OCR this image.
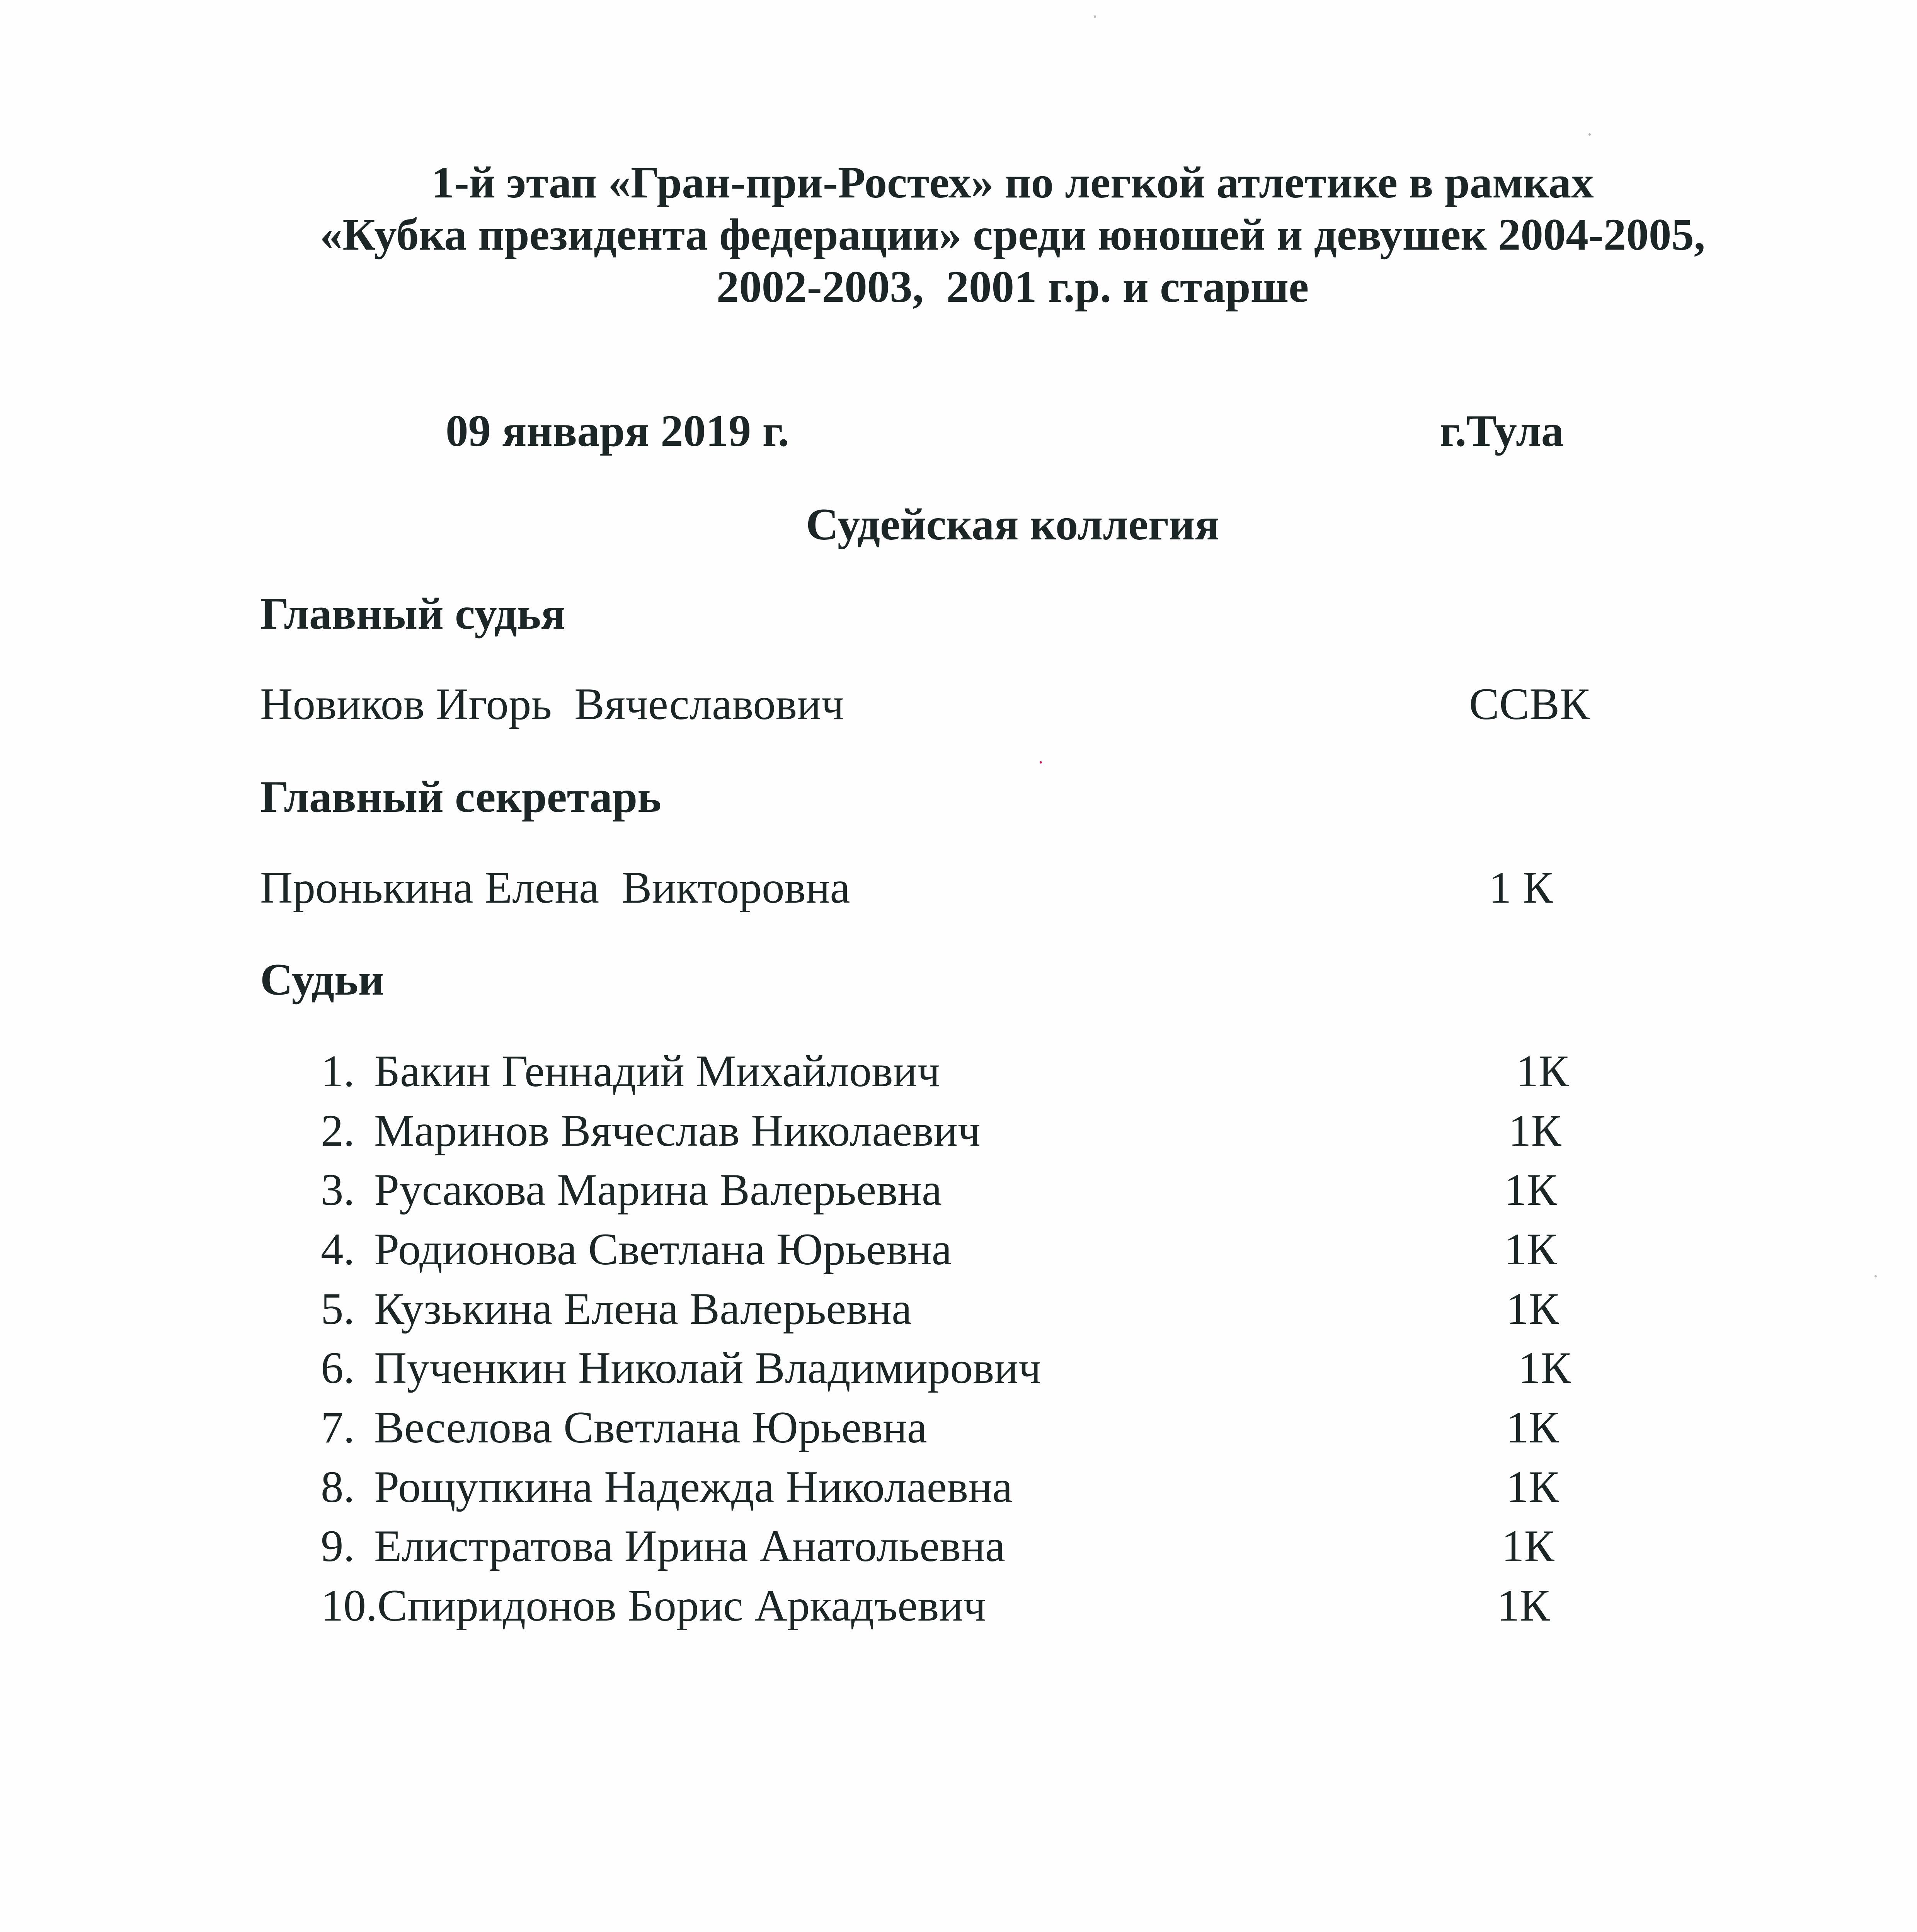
1-й этап «Гран-при-Ростех» по легкой атлетике в рамках
«Кубка президента федерации» среди юношей и девушек 2004-2005,
2002-2003,  2001 г.р. и старше
09 января 2019 г.	г.Тула
Судейская коллегия
Главный судья
Новиков Игорь  Вячеславович	ССВК
Главный секретарь
Пронькина Елена  Викторовна	1 К
Судьи
1. Бакин Геннадий Михайлович	1К
2. Маринов Вячеслав Николаевич	1К
3. Русакова Марина Валерьевна	1К
4. Родионова Светлана Юрьевна	1К
5. Кузькина Елена Валерьевна	1К
6. Пученкин Николай Владимирович	1К
7. Веселова Светлана Юрьевна	1К
8. Рощупкина Надежда Николаевна	1К
9. Елистратова Ирина Анатольевна	1К
10.Спиридонов Борис Аркадъевич	1К
